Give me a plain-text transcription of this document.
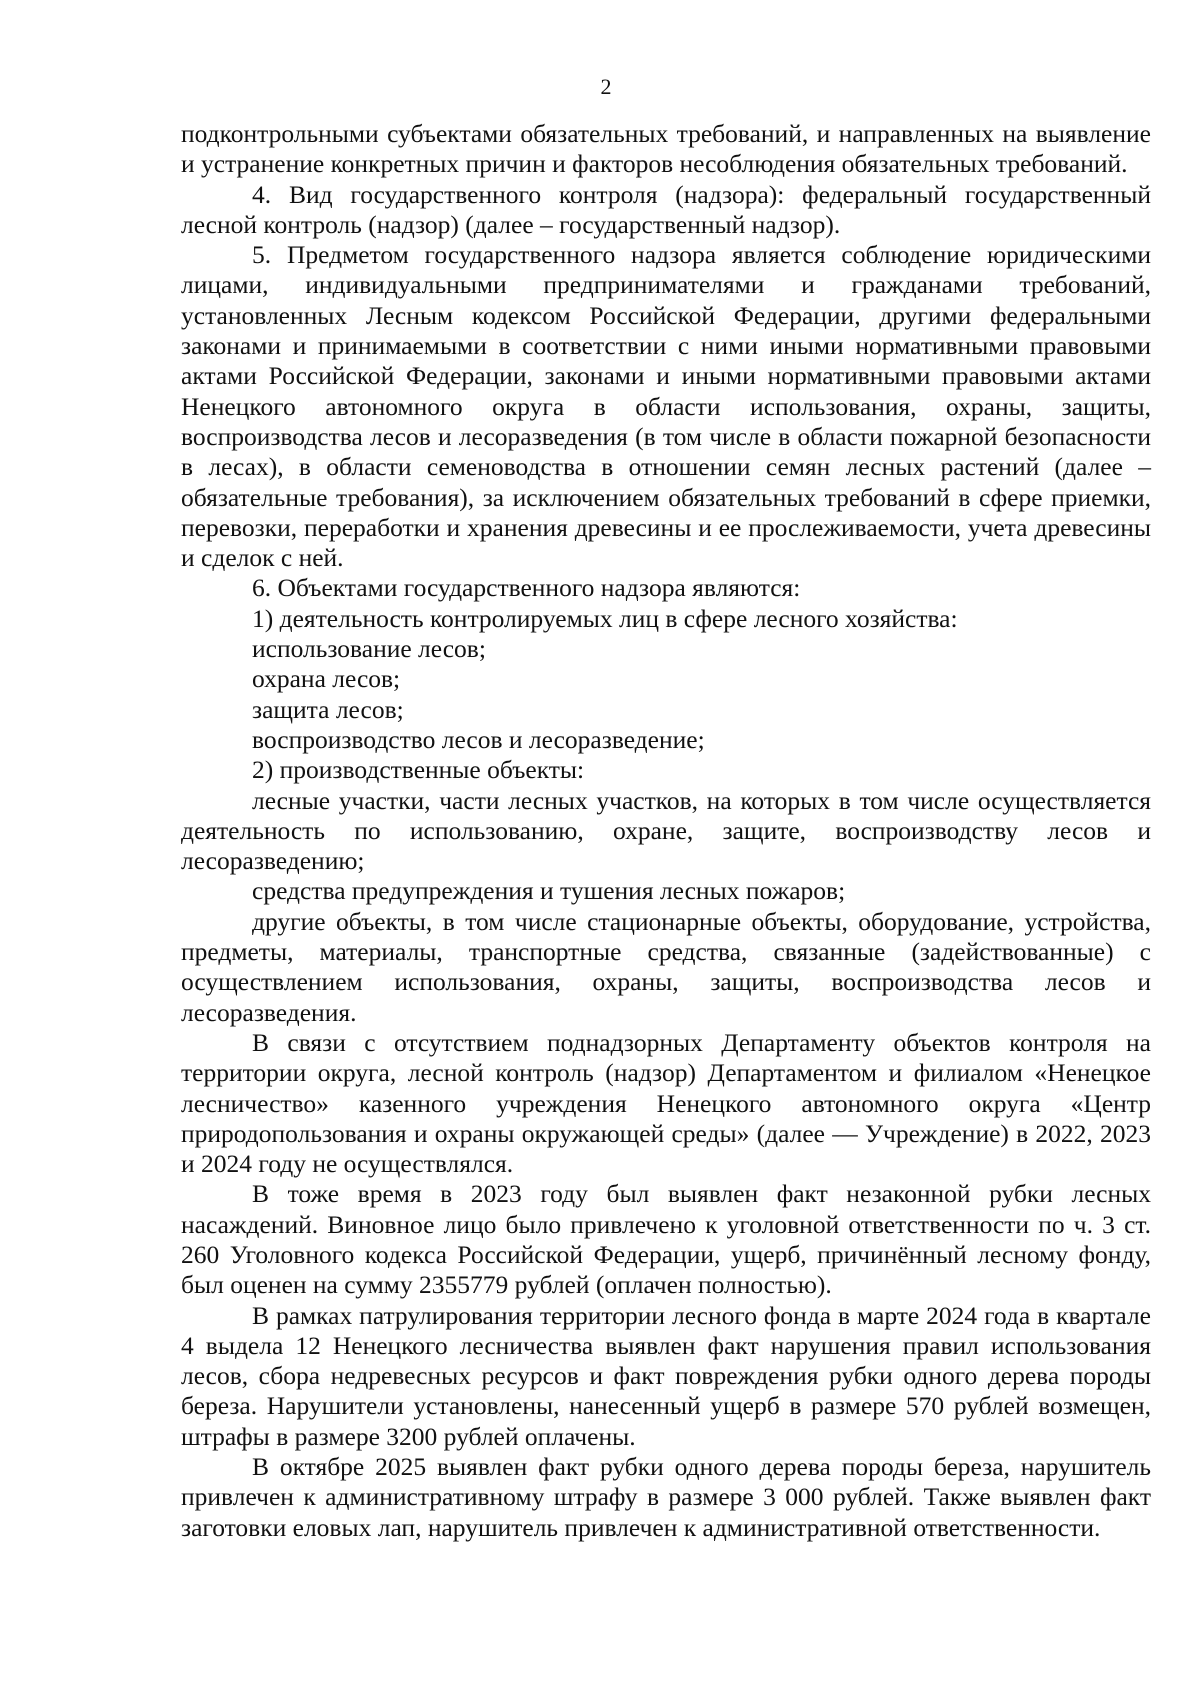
2

подконтрольными субъектами обязательных требований, и направленных на выявление и устранение конкретных причин и факторов несоблюдения обязательных требований.

4. Вид государственного контроля (надзора): федеральный государственный лесной контроль (надзор) (далее – государственный надзор).

5. Предметом государственного надзора является соблюдение юридическими лицами, индивидуальными предпринимателями и гражданами требований, установленных Лесным кодексом Российской Федерации, другими федеральными законами и принимаемыми в соответствии с ними иными нормативными правовыми актами Российской Федерации, законами и иными нормативными правовыми актами Ненецкого автономного округа в области использования, охраны, защиты, воспроизводства лесов и лесоразведения (в том числе в области пожарной безопасности в лесах), в области семеноводства в отношении семян лесных растений (далее – обязательные требования), за исключением обязательных требований в сфере приемки, перевозки, переработки и хранения древесины и ее прослеживаемости, учета древесины и сделок с ней.

6. Объектами государственного надзора являются:

1) деятельность контролируемых лиц в сфере лесного хозяйства:

использование лесов;

охрана лесов;

защита лесов;

воспроизводство лесов и лесоразведение;

2) производственные объекты:

лесные участки, части лесных участков, на которых в том числе осуществляется деятельность по использованию, охране, защите, воспроизводству лесов и лесоразведению;

средства предупреждения и тушения лесных пожаров;

другие объекты, в том числе стационарные объекты, оборудование, устройства, предметы, материалы, транспортные средства, связанные (задействованные) с осуществлением использования, охраны, защиты, воспроизводства лесов и лесоразведения.

В связи с отсутствием поднадзорных Департаменту объектов контроля на территории округа, лесной контроль (надзор) Департаментом и филиалом «Ненецкое лесничество» казенного учреждения Ненецкого автономного округа «Центр природопользования и охраны окружающей среды» (далее — Учреждение) в 2022, 2023 и 2024 году не осуществлялся.

В тоже время в 2023 году был выявлен факт незаконной рубки лесных насаждений. Виновное лицо было привлечено к уголовной ответственности по ч. 3 ст. 260 Уголовного кодекса Российской Федерации, ущерб, причинённый лесному фонду, был оценен на сумму 2355779 рублей (оплачен полностью).

В рамках патрулирования территории лесного фонда в марте 2024 года в квартале 4 выдела 12 Ненецкого лесничества выявлен факт нарушения правил использования лесов, сбора недревесных ресурсов и факт повреждения рубки одного дерева породы береза. Нарушители установлены, нанесенный ущерб в размере 570 рублей возмещен, штрафы в размере 3200 рублей оплачены.

В октябре 2025 выявлен факт рубки одного дерева породы береза, нарушитель привлечен к административному штрафу в размере 3 000 рублей. Также выявлен факт заготовки еловых лап, нарушитель привлечен к административной ответственности.
